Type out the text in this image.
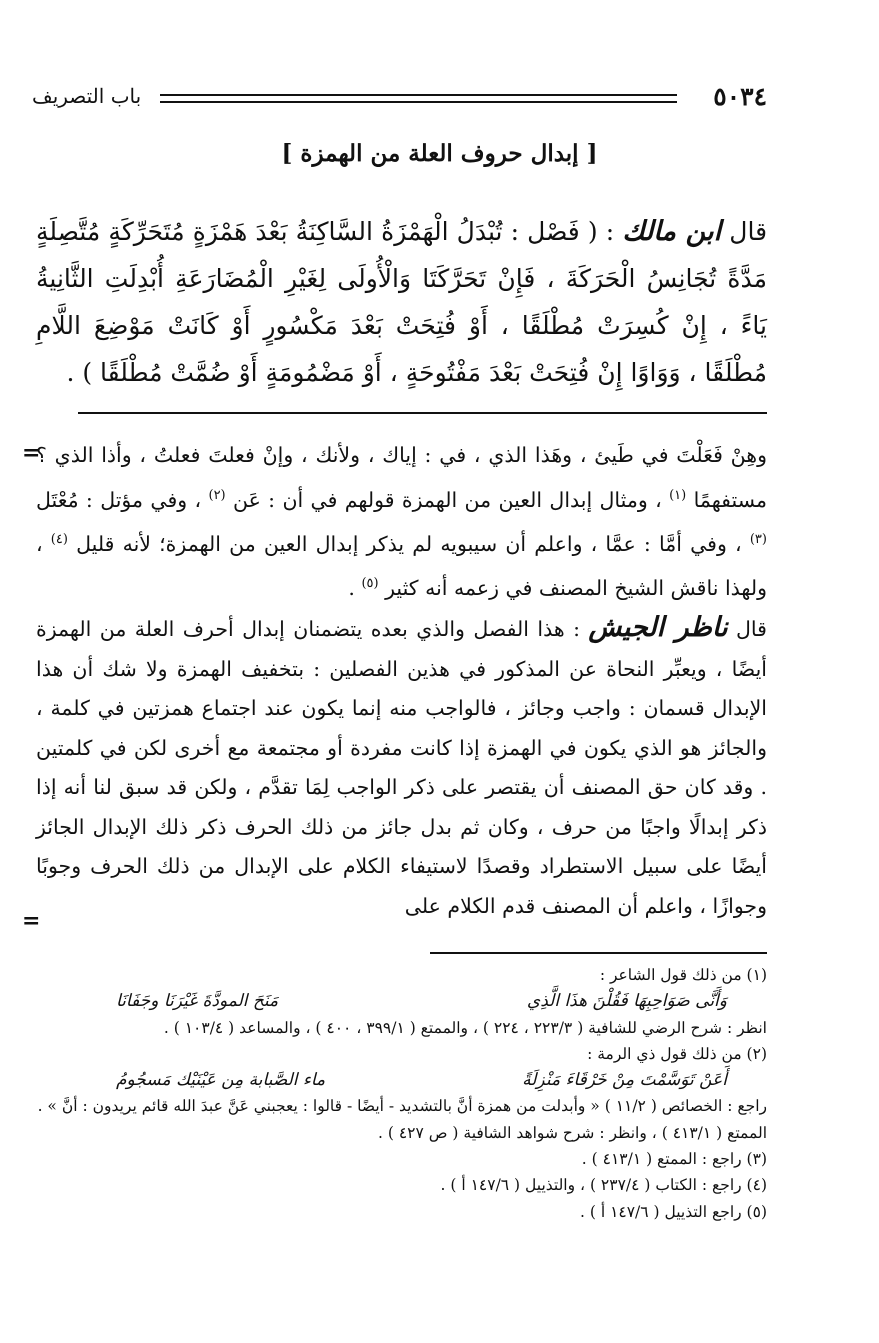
٥٠٣٤
باب التصريف
[ إبدال حروف العلة من الهمزة ]
قال ابن مالك : ( فَصْل : تُبْدَلُ الْهَمْزَةُ السَّاكِنَةُ بَعْدَ هَمْزَةٍ مُتَحَرِّكَةٍ مُتَّصِلَةٍ مَدَّةً تُجَانِسُ الْحَرَكَةَ ، فَإِنْ تَحَرَّكَتَا وَالْأُولَى لِغَيْرِ الْمُضَارَعَةِ أُبْدِلَتِ الثَّانِيةُ يَاءً ، إِنْ كُسِرَتْ مُطْلَقًا ، أَوْ فُتِحَتْ بَعْدَ مَكْسُورٍ أَوْ كَانَتْ مَوْضِعَ اللَّامِ مُطْلَقًا ، وَوَاوًا إِنْ فُتِحَتْ بَعْدَ مَفْتُوحَةٍ ، أَوْ مَضْمُومَةٍ أَوْ ضُمَّتْ مُطْلَقًا ) .
=

وهِنْ فَعَلْتَ في طَيئ ، وهَذا الذي ، في : إياك ، ولأنك ، وإنْ فعلتَ فعلتُ ، وأذا الذي ؟ مستفهمًا $^{(١)}$ ، ومثال إبدال العين من الهمزة قولهم في أن : عَن $^{(٢)}$ ، وفي مؤتل : مُعْتَل $^{(٣)}$ ، وفي أمَّا : عمَّا ، واعلم أن سيبويه لم يذكر إبدال العين من الهمزة؛ لأنه قليل $^{(٤)}$ ، ولهذا ناقش الشيخ المصنف في زعمه أنه كثير $^{(٥)}$ .

قال ناظر الجيش : هذا الفصل والذي بعده يتضمنان إبدال أحرف العلة من الهمزة أيضًا ، ويعبِّر النحاة عن المذكور في هذين الفصلين : بتخفيف الهمزة ولا شك أن هذا الإبدال قسمان : واجب وجائز ، فالواجب منه إنما يكون عند اجتماع همزتين في كلمة ، والجائز هو الذي يكون في الهمزة إذا كانت مفردة أو مجتمعة مع أخرى لكن في كلمتين . وقد كان حق المصنف أن يقتصر على ذكر الواجب لِمَا تقدَّم ، ولكن قد سبق لنا أنه إذا ذكر إبدالًا واجبًا من حرف ، وكان ثم بدل جائز من ذلك الحرف ذكر ذلك الإبدال الجائز أيضًا على سبيل الاستطراد وقصدًا لاستيفاء الكلام على الإبدال من ذلك الحرف وجوبًا وجوازًا ، واعلم أن المصنف قدم الكلام على

=

(١) من ذلك قول الشاعر :

وَأَنَّى صَوَاحِبِهَا فَقُلْنَ هذَا الَّذِي
مَنَحَ المودَّةَ غَيْرَنَا وجَفَانَا

انظر : شرح الرضي للشافية ( ٢٢٣/٣ ، ٢٢٤ ) ، والممتع ( ٣٩٩/١ ، ٤٠٠ ) ، والمساعد ( ١٠٣/٤ ) .

(٢) من ذلك قول ذي الرمة :

أَعَنْ تَوَسَّمْتَ مِنْ خَرْقَاءَ مَنْزِلَةً
ماء الصَّبابة مِن عَيْنَيْك مَسجُومُ

راجع : الخصائص ( ١١/٢ ) « وأبدلت من همزة أنَّ بالتشديد - أيضًا - قالوا : يعجبني عَنَّ عبدَ الله قائم يريدون : أنَّ » . الممتع ( ٤١٣/١ ) ، وانظر : شرح شواهد الشافية ( ص ٤٢٧ ) .

(٣) راجع : الممتع ( ٤١٣/١ ) .

(٤) راجع : الكتاب ( ٢٣٧/٤ ) ، والتذييل ( ١٤٧/٦ أ ) .

(٥) راجع التذييل ( ١٤٧/٦ أ ) .
